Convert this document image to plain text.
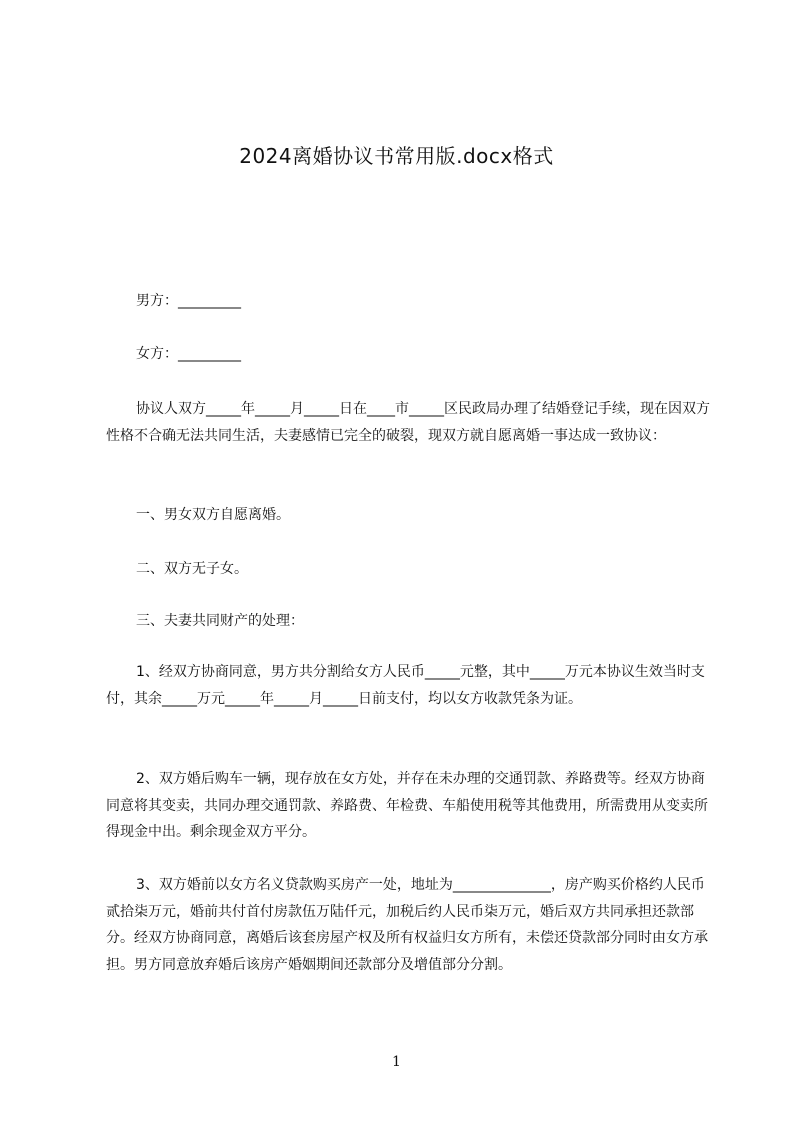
2024离婚协议书常用版.docx格式
男方：_________
女方：_________
协议人双方_____年_____月_____日在____市_____区民政局办理了结婚登记手续，现在因双方性格不合确无法共同生活，夫妻感情已完全的破裂，现双方就自愿离婚一事达成一致协议：
一、男女双方自愿离婚。
二、双方无子女。
三、夫妻共同财产的处理：
1、经双方协商同意，男方共分割给女方人民币_____元整，其中_____万元本协议生效当时支付，其余_____万元_____年_____月_____日前支付，均以女方收款凭条为证。
2、双方婚后购车一辆，现存放在女方处，并存在未办理的交通罚款、养路费等。经双方协商同意将其变卖，共同办理交通罚款、养路费、年检费、车船使用税等其他费用，所需费用从变卖所得现金中出。剩余现金双方平分。
3、双方婚前以女方名义贷款购买房产一处，地址为______________，房产购买价格约人民币贰拾柒万元，婚前共付首付房款伍万陆仟元，加税后约人民币柒万元，婚后双方共同承担还款部分。经双方协商同意，离婚后该套房屋产权及所有权益归女方所有，未偿还贷款部分同时由女方承担。男方同意放弃婚后该房产婚姻期间还款部分及增值部分分割。
1
